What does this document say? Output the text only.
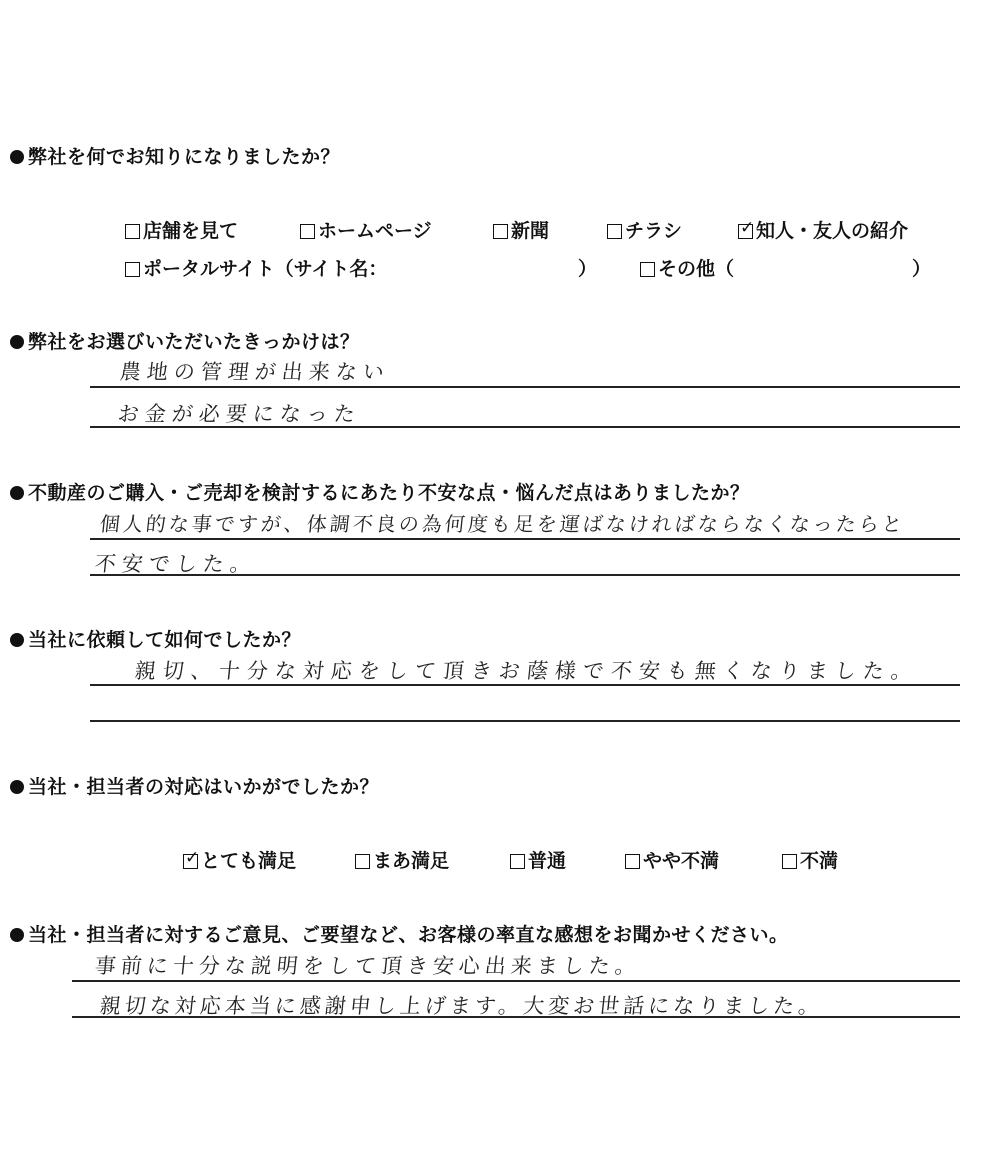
弊社を何でお知りになりましたか？
店舗を見て	ホームページ	新聞	チラシ
✓	知人・友人の紹介
ポータルサイト（サイト名：	）	その他（	）
弊社をお選びいただいたきっかけは？
農地の管理が出来ない
お金が必要になった
不動産のご購入・ご売却を検討するにあたり不安な点・悩んだ点はありましたか？
個人的な事ですが、体調不良の為何度も足を運ばなければならなくなったらと
不安でした。
当社に依頼して如何でしたか？
親切、十分な対応をして頂きお蔭様で不安も無くなりました。
当社・担当者の対応はいかがでしたか？
✓とても満足	まあ満足	普通	やや不満	不満
当社・担当者に対するご意見、ご要望など、お客様の率直な感想をお聞かせください。
事前に十分な説明をして頂き安心出来ました。
親切な対応本当に感謝申し上げます。大変お世話になりました。
